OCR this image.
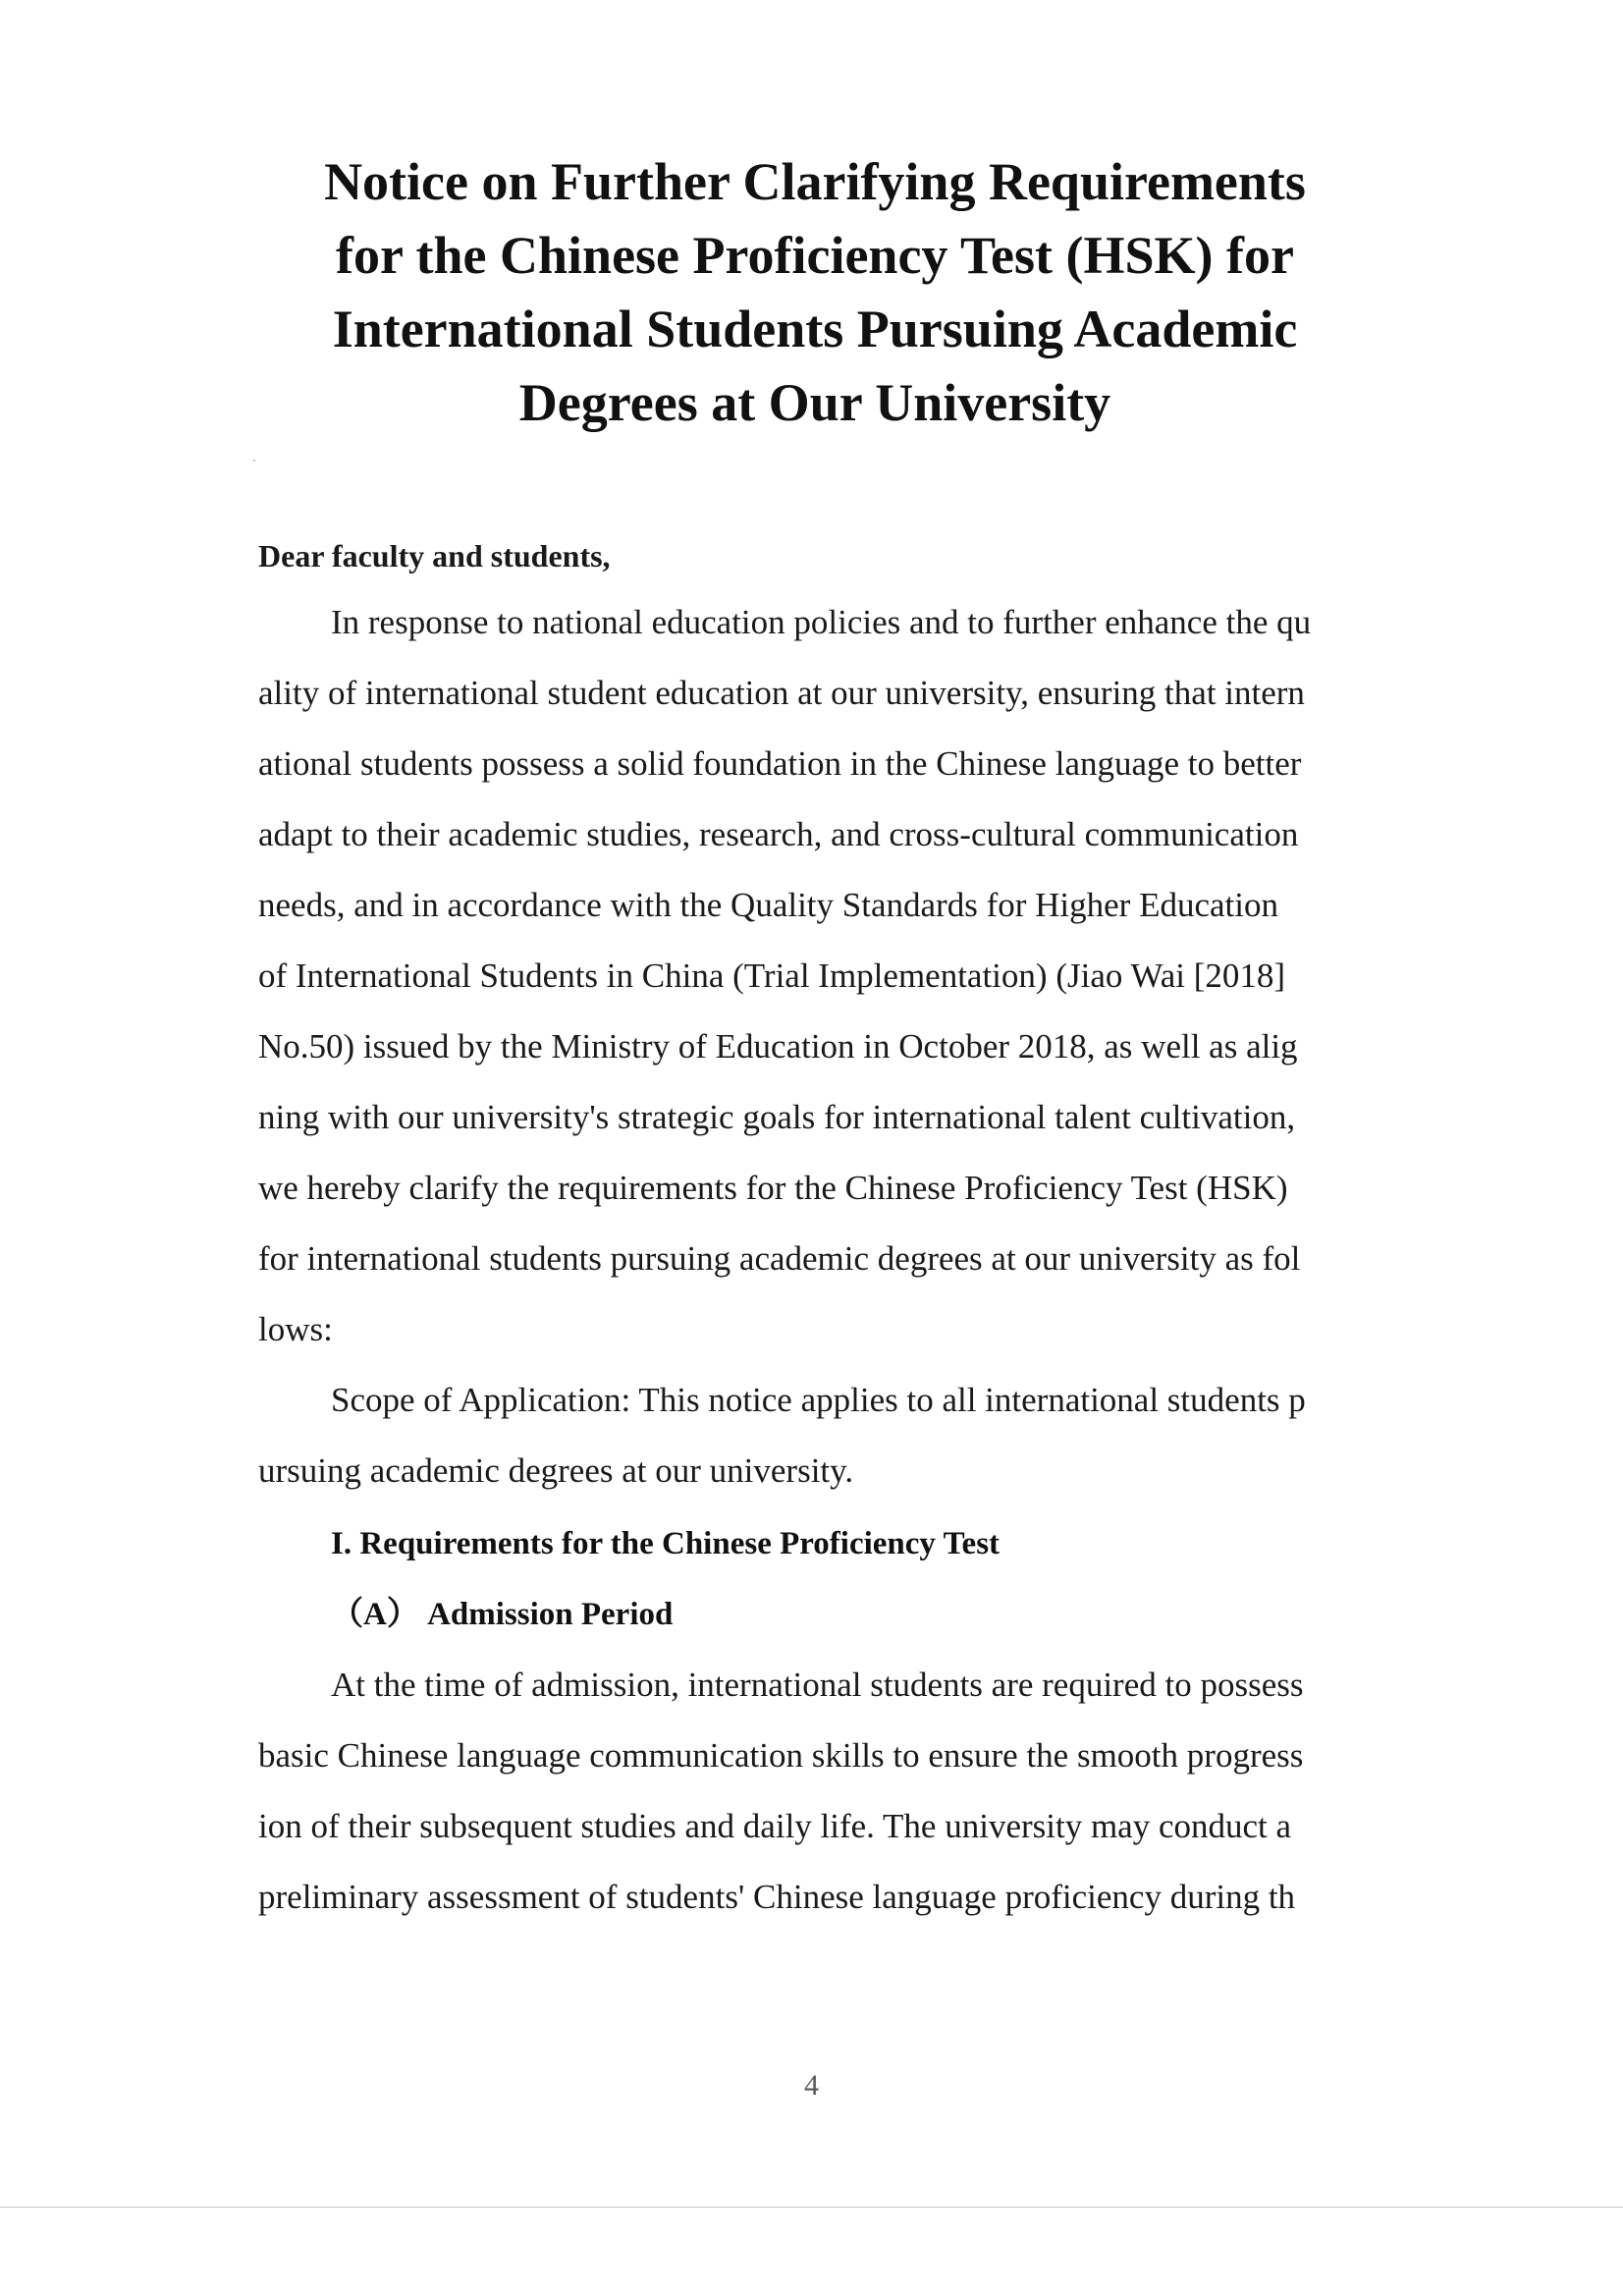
Notice on Further Clarifying Requirements
for the Chinese Proficiency Test (HSK) for
International Students Pursuing Academic
Degrees at Our University

Dear faculty and students,

In response to national education policies and to further enhance the qu

ality of international student education at our university, ensuring that intern

ational students possess a solid foundation in the Chinese language to better

adapt to their academic studies, research, and cross-cultural communication

needs, and in accordance with the Quality Standards for Higher Education

of International Students in China (Trial Implementation) (Jiao Wai [2018]

No.50) issued by the Ministry of Education in October 2018, as well as alig

ning with our university's strategic goals for international talent cultivation,

we hereby clarify the requirements for the Chinese Proficiency Test (HSK)

for international students pursuing academic degrees at our university as fol

lows:

Scope of Application: This notice applies to all international students p

ursuing academic degrees at our university.

I. Requirements for the Chinese Proficiency Test

（A） Admission Period

At the time of admission, international students are required to possess

basic Chinese language communication skills to ensure the smooth progress

ion of their subsequent studies and daily life. The university may conduct a

preliminary assessment of students' Chinese language proficiency during th

4
